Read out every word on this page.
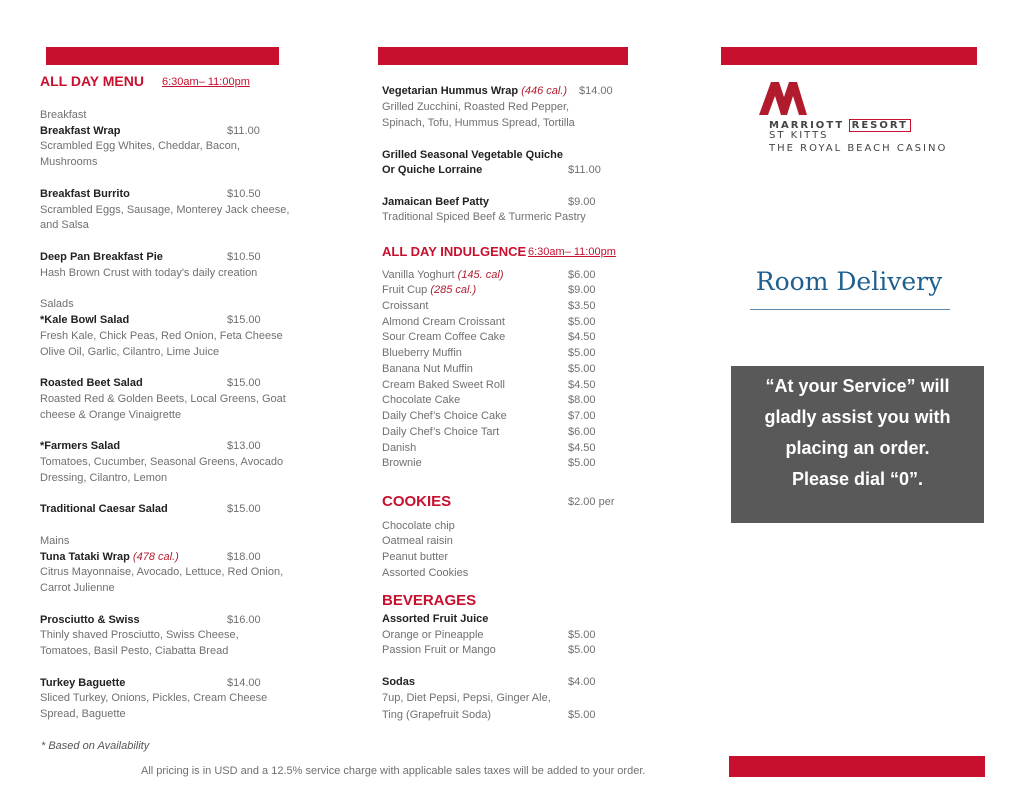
ALL DAY MENU 6:30am– 11:00pm
Breakfast
Breakfast Wrap	$11.00
Scrambled Egg Whites, Cheddar, Bacon,
Mushrooms
Breakfast Burrito	$10.50
Scrambled Eggs, Sausage, Monterey Jack cheese,
and Salsa
Deep Pan Breakfast Pie	$10.50
Hash Brown Crust with today's daily creation
Salads
*Kale Bowl Salad	$15.00
Fresh Kale, Chick Peas, Red Onion, Feta Cheese
Olive Oil, Garlic, Cilantro, Lime Juice
Roasted Beet Salad	$15.00
Roasted Red & Golden Beets, Local Greens, Goat
cheese & Orange Vinaigrette
*Farmers Salad	$13.00
Tomatoes, Cucumber, Seasonal Greens, Avocado
Dressing, Cilantro, Lemon
Traditional Caesar Salad	$15.00
Mains
Tuna Tataki Wrap (478 cal.)	$18.00
Citrus Mayonnaise, Avocado, Lettuce, Red Onion,
Carrot Julienne
Prosciutto & Swiss	$16.00
Thinly shaved Prosciutto, Swiss Cheese,
Tomatoes, Basil Pesto, Ciabatta Bread
Turkey Baguette	$14.00
Sliced Turkey, Onions, Pickles, Cream Cheese
Spread, Baguette
* Based on Availability
Vegetarian Hummus Wrap (446 cal.) $14.00
Grilled Zucchini, Roasted Red Pepper,
Spinach, Tofu, Hummus Spread, Tortilla
Grilled Seasonal Vegetable Quiche
Or Quiche Lorraine	$11.00
Jamaican Beef Patty	$9.00
Traditional Spiced Beef & Turmeric Pastry
ALL DAY INDULGENCE 6:30am– 11:00pm
Vanilla Yoghurt (145. cal)	$6.00
Fruit Cup (285 cal.)	$9.00
Croissant	$3.50
Almond Cream Croissant	$5.00
Sour Cream Coffee Cake	$4.50
Blueberry Muffin	$5.00
Banana Nut Muffin	$5.00
Cream Baked Sweet Roll	$4.50
Chocolate Cake	$8.00
Daily Chef’s Choice Cake	$7.00
Daily Chef’s Choice Tart	$6.00
Danish	$4.50
Brownie	$5.00
COOKIES	$2.00 per
Chocolate chip
Oatmeal raisin
Peanut butter
Assorted Cookies
BEVERAGES
Assorted Fruit Juice
Orange or Pineapple	$5.00
Passion Fruit or Mango	$5.00
Sodas	$4.00
7up, Diet Pepsi, Pepsi, Ginger Ale,
Ting (Grapefruit Soda)	$5.00
MARRIOTT RESORT
ST KITTS
THE ROYAL BEACH CASINO
Room Delivery
“At your Service” will
gladly assist you with
placing an order.
Please dial “0”.
All pricing is in USD and a 12.5% service charge with applicable sales taxes will be added to your order.
